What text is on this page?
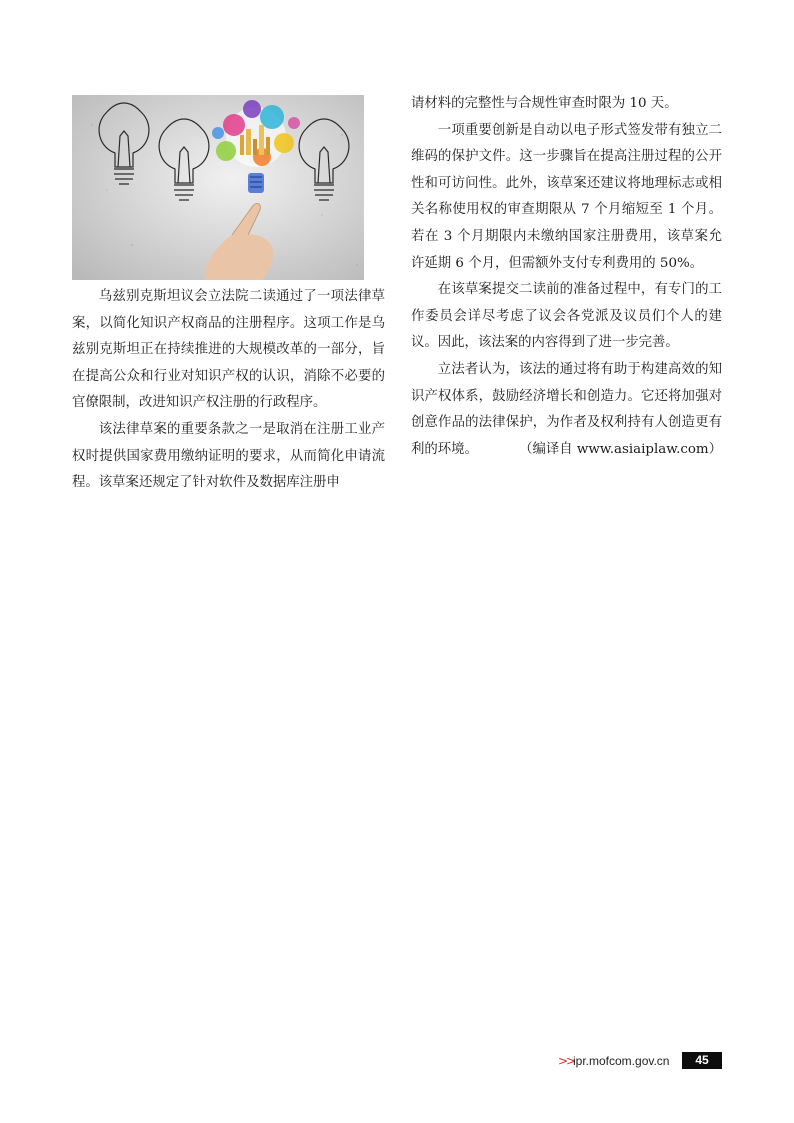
乌兹别克斯坦议会立法院二读通过了一项法律草案，以简化知识产权商品的注册程序。这项工作是乌兹别克斯坦正在持续推进的大规模改革的一部分，旨在提高公众和行业对知识产权的认识，消除不必要的官僚限制，改进知识产权注册的行政程序。

该法律草案的重要条款之一是取消在注册工业产权时提供国家费用缴纳证明的要求，从而简化申请流程。该草案还规定了针对软件及数据库注册申

请材料的完整性与合规性审查时限为 10 天。

一项重要创新是自动以电子形式签发带有独立二维码的保护文件。这一步骤旨在提高注册过程的公开性和可访问性。此外，该草案还建议将地理标志或相关名称使用权的审查期限从 7 个月缩短至 1 个月。若在 3 个月期限内未缴纳国家注册费用，该草案允许延期 6 个月，但需额外支付专利费用的 50%。

在该草案提交二读前的准备过程中，有专门的工作委员会详尽考虑了议会各党派及议员们个人的建议。因此，该法案的内容得到了进一步完善。

立法者认为，该法的通过将有助于构建高效的知识产权体系，鼓励经济增长和创造力。它还将加强对创意作品的法律保护，为作者及权利持有人创造更有利的环境。	（编译自 www.asiaiplaw.com）

>>
ipr.mofcom.gov.cn	45
